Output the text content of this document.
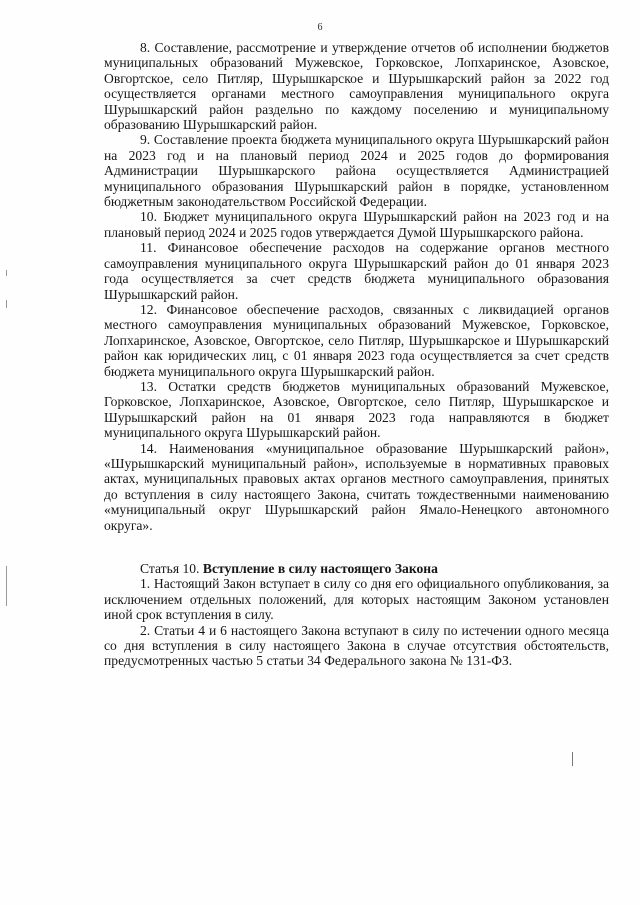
6

8. Составление, рассмотрение и утверждение отчетов об исполнении бюджетов муниципальных образований Мужевское, Горковское, Лопхаринское, Азовское, Овгортское, село Питляр, Шурышкарское и Шурышкарский район за 2022 год осуществляется органами местного самоуправления муниципального округа Шурышкарский район раздельно по каждому поселению и муниципальному образованию Шурышкарский район.

9. Составление проекта бюджета муниципального округа Шурышкарский район на 2023 год и на плановый период 2024 и 2025 годов до формирования Администрации Шурышкарского района осуществляется Администрацией муниципального образования Шурышкарский район в порядке, установленном бюджетным законодательством Российской Федерации.

10. Бюджет муниципального округа Шурышкарский район на 2023 год и на плановый период 2024 и 2025 годов утверждается Думой Шурышкарского района.

11. Финансовое обеспечение расходов на содержание органов местного самоуправления муниципального округа Шурышкарский район до 01 января 2023 года осуществляется за счет средств бюджета муниципального образования Шурышкарский район.

12. Финансовое обеспечение расходов, связанных с ликвидацией органов местного самоуправления муниципальных образований Мужевское, Горковское, Лопхаринское, Азовское, Овгортское, село Питляр, Шурышкарское и Шурышкарский район как юридических лиц, с 01 января 2023 года осуществляется за счет средств бюджета муниципального округа Шурышкарский район.

13. Остатки средств бюджетов муниципальных образований Мужевское, Горковское, Лопхаринское, Азовское, Овгортское, село Питляр, Шурышкарское и Шурышкарский район на 01 января 2023 года направляются в бюджет муниципального округа Шурышкарский район.

14. Наименования «муниципальное образование Шурышкарский район», «Шурышкарский муниципальный район», используемые в нормативных правовых актах, муниципальных правовых актах органов местного самоуправления, принятых до вступления в силу настоящего Закона, считать тождественными наименованию «муниципальный округ Шурышкарский район Ямало-Ненецкого автономного округа».

Статья 10. Вступление в силу настоящего Закона

1. Настоящий Закон вступает в силу со дня его официального опубликования, за исключением отдельных положений, для которых настоящим Законом установлен иной срок вступления в силу.

2. Статьи 4 и 6 настоящего Закона вступают в силу по истечении одного месяца со дня вступления в силу настоящего Закона в случае отсутствия обстоятельств, предусмотренных частью 5 статьи 34 Федерального закона № 131-ФЗ.
